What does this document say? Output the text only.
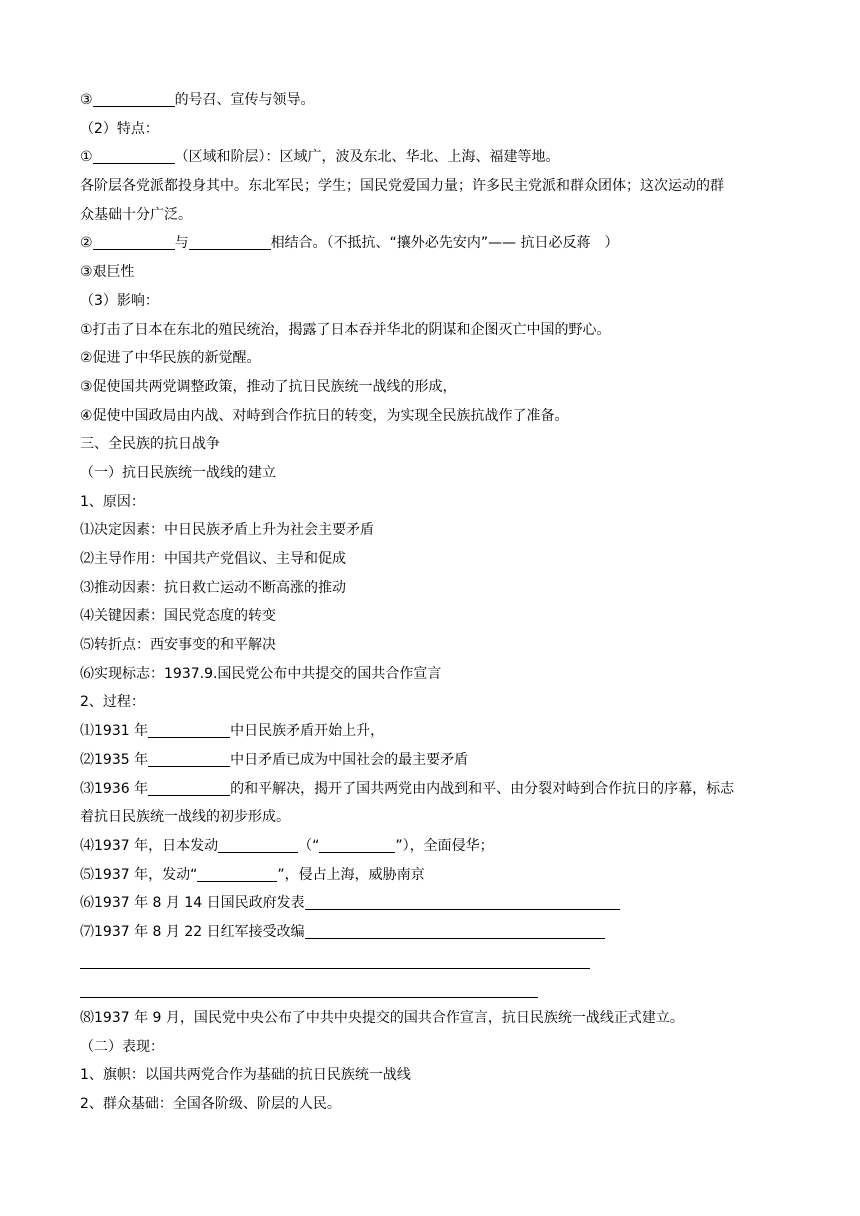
③	的号召、宣传与领导。
（2）特点：
①	（区域和阶层）：区域广，波及东北、华北、上海、福建等地。
各阶层各党派都投身其中。东北军民；学生；国民党爱国力量；许多民主党派和群众团体；这次运动的群
众基础十分广泛。
②	与	相结合。（不抵抗、“攘外必先安内”—— 抗日必反蒋　）
③艰巨性
（3）影响：
①打击了日本在东北的殖民统治，揭露了日本吞并华北的阴谋和企图灭亡中国的野心。
②促进了中华民族的新觉醒。
③促使国共两党调整政策，推动了抗日民族统一战线的形成，
④促使中国政局由内战、对峙到合作抗日的转变，为实现全民族抗战作了准备。
三、全民族的抗日战争
（一）抗日民族统一战线的建立
1、原因：
⑴决定因素：中日民族矛盾上升为社会主要矛盾
⑵主导作用：中国共产党倡议、主导和促成
⑶推动因素：抗日救亡运动不断高涨的推动
⑷关键因素：国民党态度的转变
⑸转折点：西安事变的和平解决
⑹实现标志：1937.9.国民党公布中共提交的国共合作宣言
2、过程：
⑴1931 年	中日民族矛盾开始上升，
⑵1935 年	中日矛盾已成为中国社会的最主要矛盾
⑶1936 年	的和平解决，揭开了国共两党由内战到和平、由分裂对峙到合作抗日的序幕，标志
着抗日民族统一战线的初步形成。
⑷1937 年，日本发动	（“	”），全面侵华；
⑸1937 年，发动“	”，侵占上海，威胁南京
⑹1937 年 8 月 14 日国民政府发表
⑺1937 年 8 月 22 日红军接受改编
⑻1937 年 9 月，国民党中央公布了中共中央提交的国共合作宣言，抗日民族统一战线正式建立。
（二）表现：
1、旗帜：以国共两党合作为基础的抗日民族统一战线
2、群众基础：全国各阶级、阶层的人民。
